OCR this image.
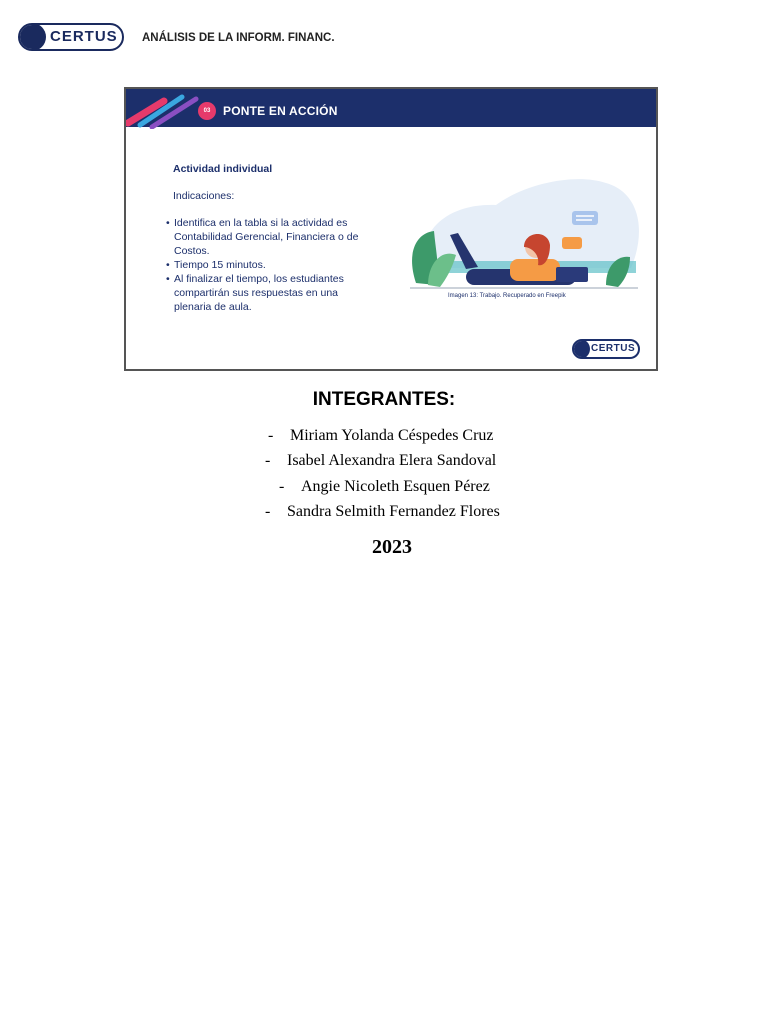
CERTUS ANÁLISIS DE LA INFORM. FINANC.
03	PONTE EN ACCIÓN
Actividad individual
Indicaciones:
• Identifica en la tabla si la actividad es Contabilidad Gerencial, Financiera o de Costos.
• Tiempo 15 minutos.
• Al finalizar el tiempo, los estudiantes compartirán sus respuestas en una plenaria de aula.
Imagen 13: Trabajo. Recuperado en Freepik
CERTUS
INTEGRANTES:
- Miriam Yolanda Céspedes Cruz
- Isabel Alexandra Elera Sandoval
- Angie Nicoleth Esquen Pérez
- Sandra Selmith Fernandez Flores
2023
